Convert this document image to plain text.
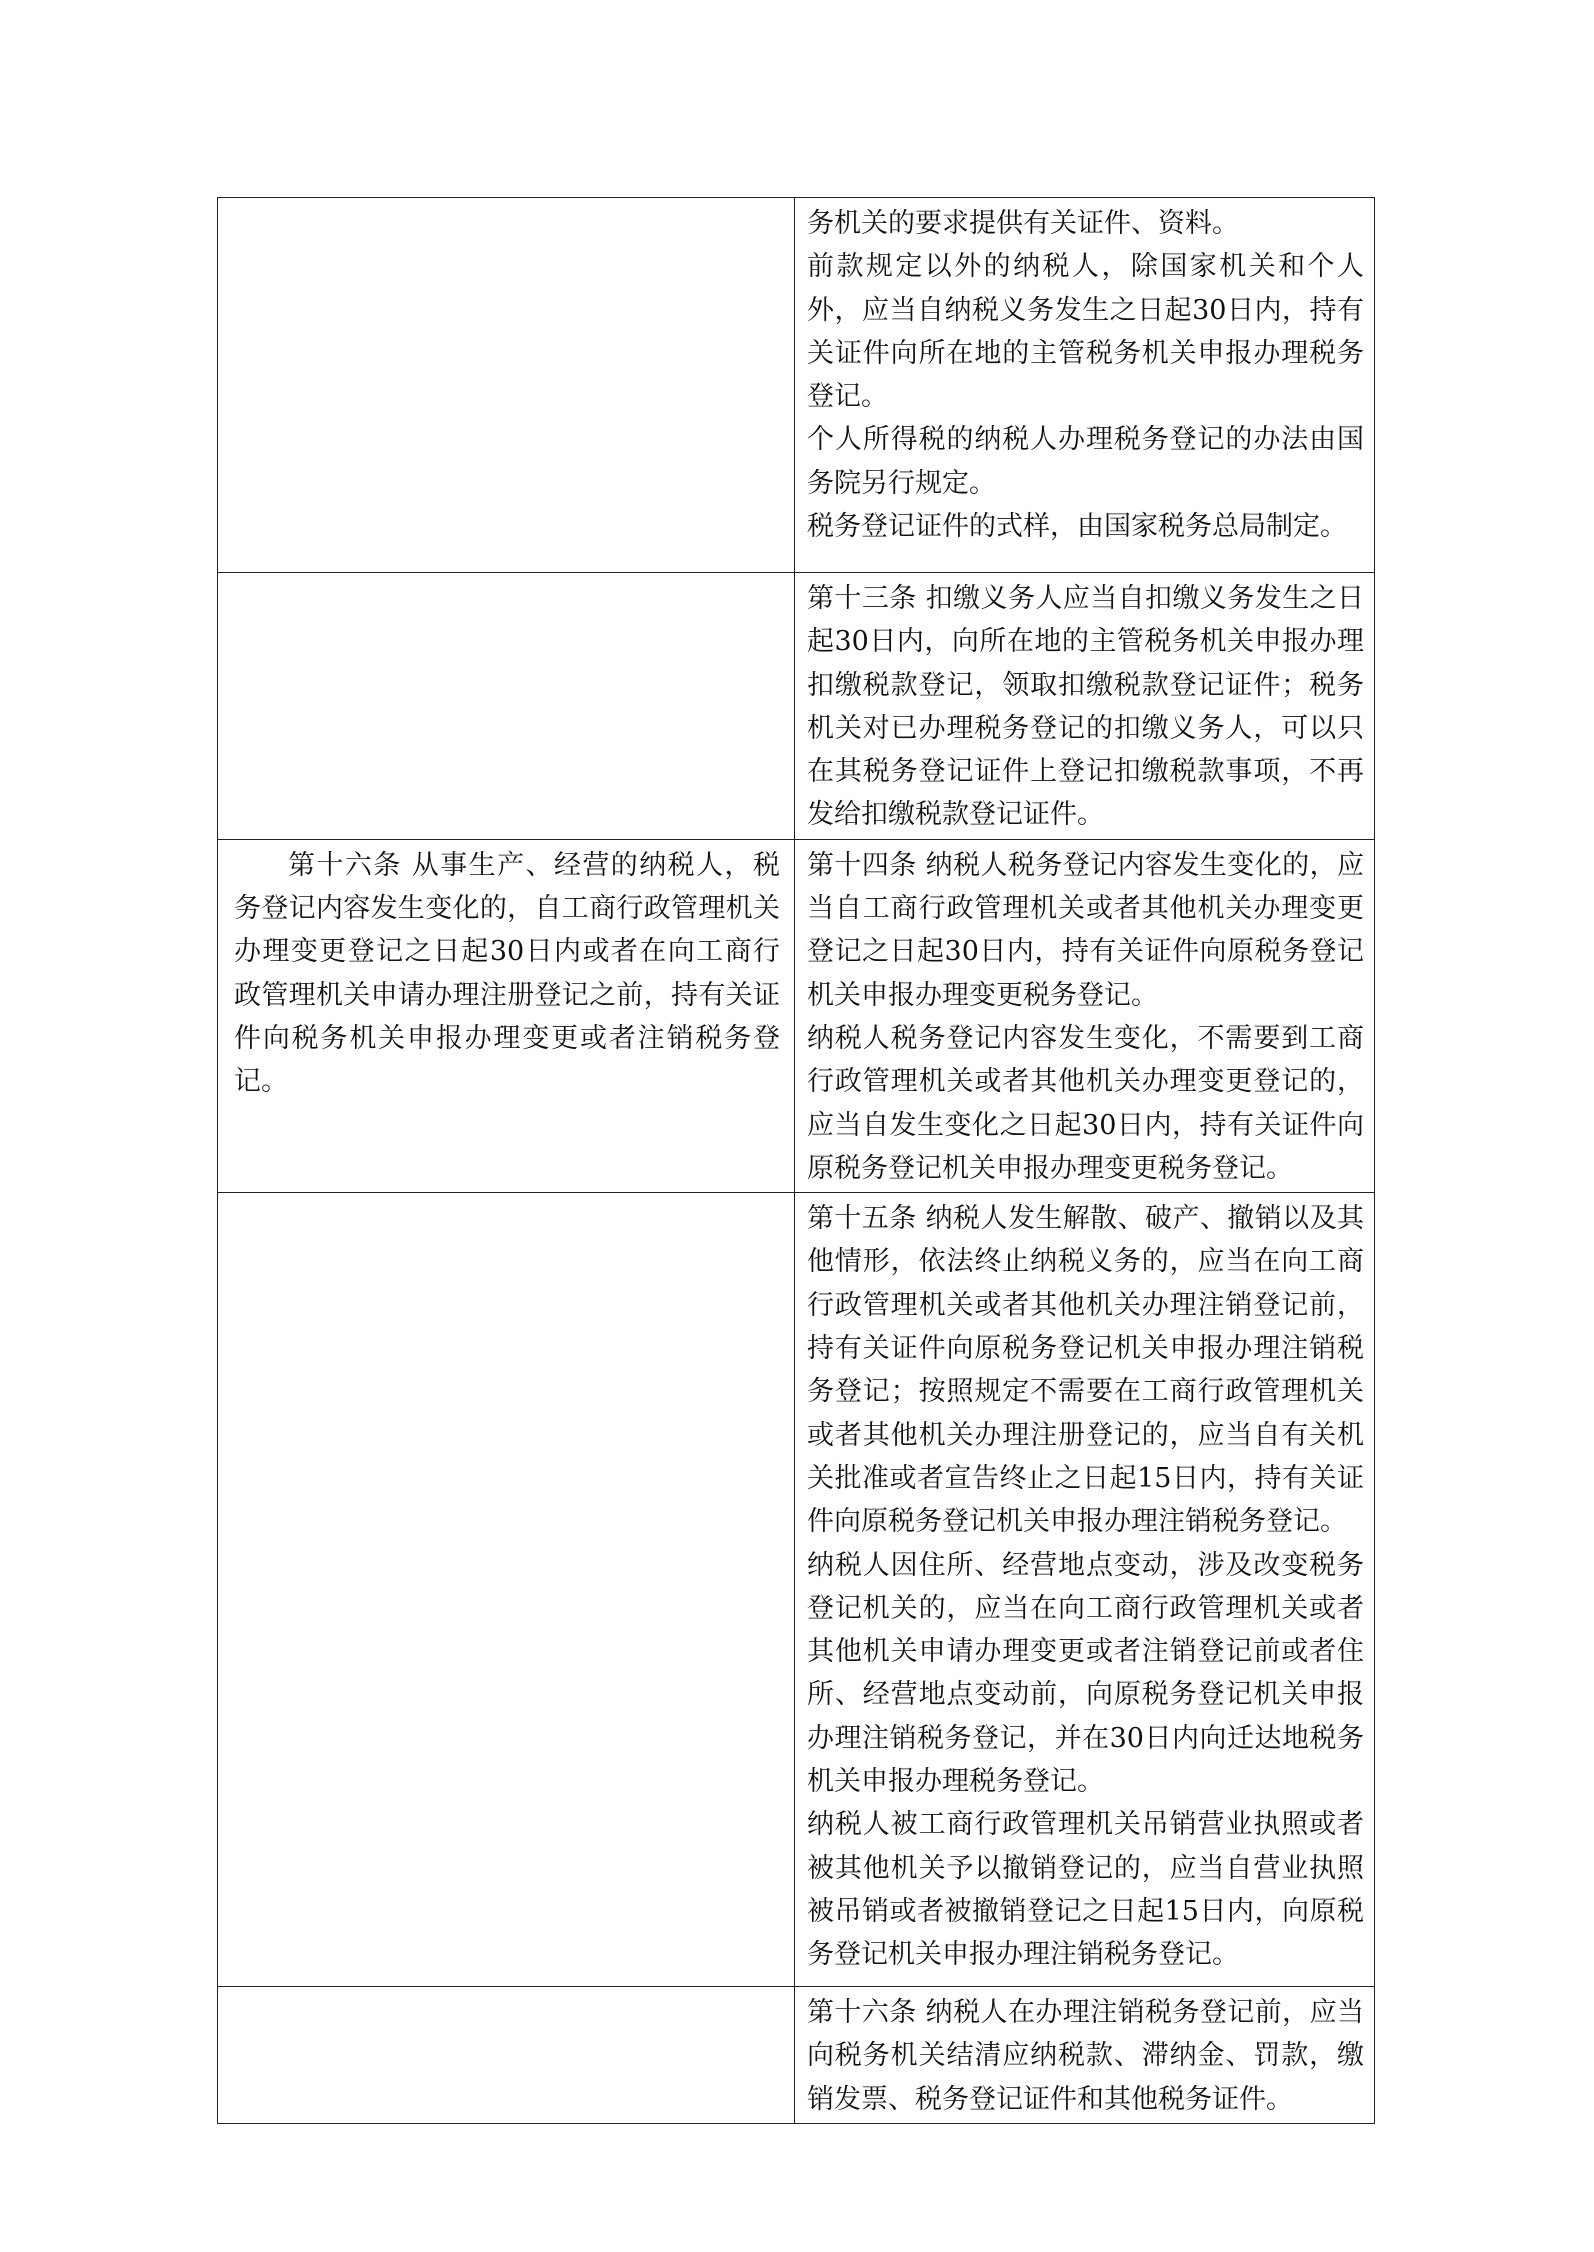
	务机关的要求提供有关证件、资料。

前款规定以外的纳税人，除国家机关和个人外，应当自纳税义务发生之日起30日内，持有关证件向所在地的主管税务机关申报办理税务登记。

个人所得税的纳税人办理税务登记的办法由国务院另行规定。

税务登记证件的式样，由国家税务总局制定。

	第十三条 扣缴义务人应当自扣缴义务发生之日起30日内，向所在地的主管税务机关申报办理扣缴税款登记，领取扣缴税款登记证件；税务机关对已办理税务登记的扣缴义务人，可以只在其税务登记证件上登记扣缴税款事项，不再发给扣缴税款登记证件。

第十六条 从事生产、经营的纳税人，税务登记内容发生变化的，自工商行政管理机关办理变更登记之日起30日内或者在向工商行政管理机关申请办理注册登记之前，持有关证件向税务机关申报办理变更或者注销税务登记。	第十四条 纳税人税务登记内容发生变化的，应当自工商行政管理机关或者其他机关办理变更登记之日起30日内，持有关证件向原税务登记机关申报办理变更税务登记。

纳税人税务登记内容发生变化，不需要到工商行政管理机关或者其他机关办理变更登记的，应当自发生变化之日起30日内，持有关证件向原税务登记机关申报办理变更税务登记。

	第十五条 纳税人发生解散、破产、撤销以及其他情形，依法终止纳税义务的，应当在向工商行政管理机关或者其他机关办理注销登记前，持有关证件向原税务登记机关申报办理注销税务登记；按照规定不需要在工商行政管理机关或者其他机关办理注册登记的，应当自有关机关批准或者宣告终止之日起15日内，持有关证件向原税务登记机关申报办理注销税务登记。

纳税人因住所、经营地点变动，涉及改变税务登记机关的，应当在向工商行政管理机关或者其他机关申请办理变更或者注销登记前或者住所、经营地点变动前，向原税务登记机关申报办理注销税务登记，并在30日内向迁达地税务机关申报办理税务登记。

纳税人被工商行政管理机关吊销营业执照或者被其他机关予以撤销登记的，应当自营业执照被吊销或者被撤销登记之日起15日内，向原税务登记机关申报办理注销税务登记。

	第十六条 纳税人在办理注销税务登记前，应当向税务机关结清应纳税款、滞纳金、罚款，缴销发票、税务登记证件和其他税务证件。
